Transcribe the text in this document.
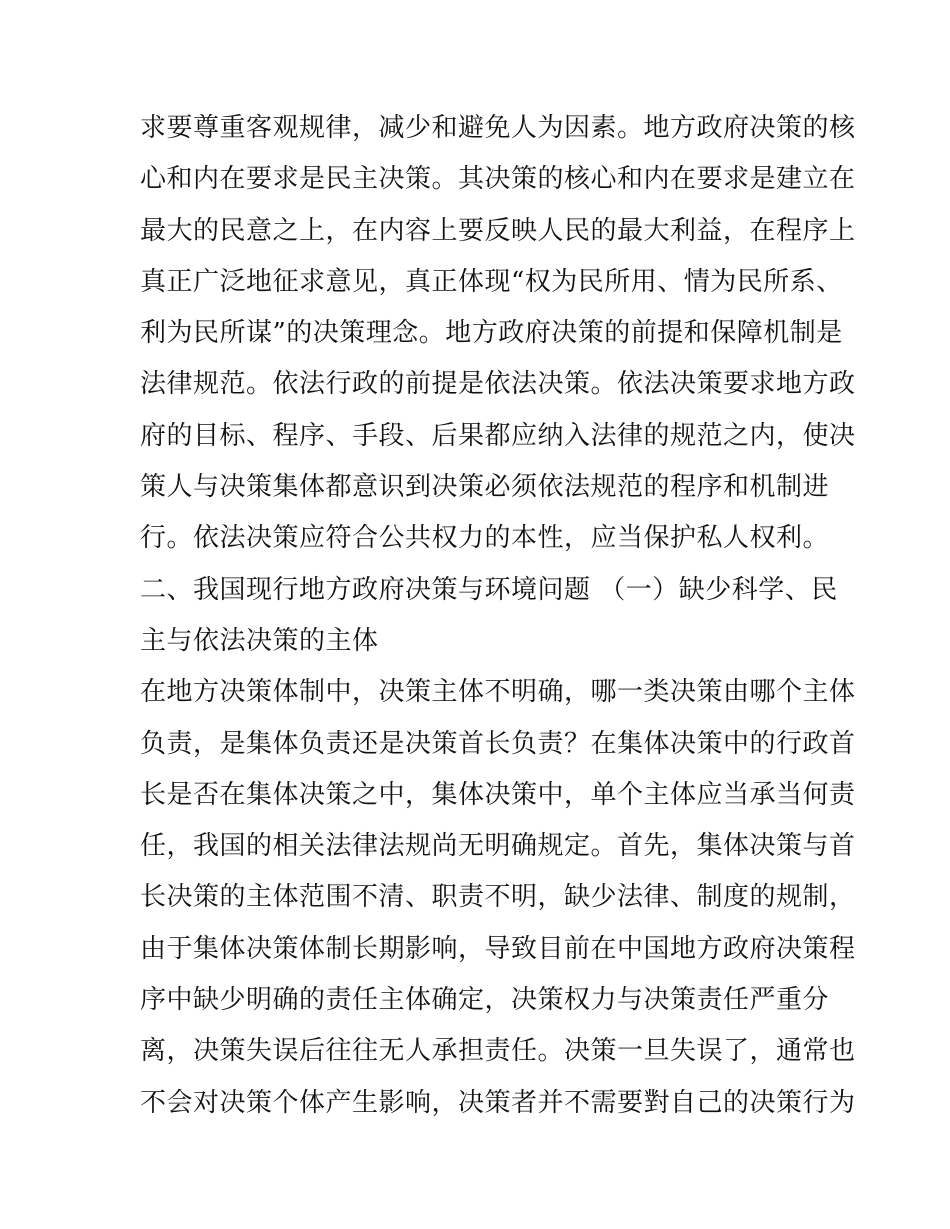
求要尊重客观规律，减少和避免人为因素。地方政府决策的核
心和内在要求是民主决策。其决策的核心和内在要求是建立在
最大的民意之上，在内容上要反映人民的最大利益，在程序上
真正广泛地征求意见，真正体现“权为民所用、情为民所系、
利为民所谋”的决策理念。地方政府决策的前提和保障机制是
法律规范。依法行政的前提是依法决策。依法决策要求地方政
府的目标、程序、手段、后果都应纳入法律的规范之内，使决
策人与决策集体都意识到决策必须依法规范的程序和机制进
行。依法决策应符合公共权力的本性，应当保护私人权利。
二、我国现行地方政府决策与环境问题 （一）缺少科学、民
主与依法决策的主体
在地方决策体制中，决策主体不明确，哪一类决策由哪个主体
负责，是集体负责还是决策首长负责？在集体决策中的行政首
长是否在集体决策之中，集体决策中，单个主体应当承当何责
任，我国的相关法律法规尚无明确规定。首先，集体决策与首
长决策的主体范围不清、职责不明，缺少法律、制度的规制，
由于集体决策体制长期影响，导致目前在中国地方政府决策程
序中缺少明确的责任主体确定，决策权力与决策责任严重分
离，决策失误后往往无人承担责任。决策一旦失误了，通常也
不会对决策个体产生影响，决策者并不需要對自己的决策行为
